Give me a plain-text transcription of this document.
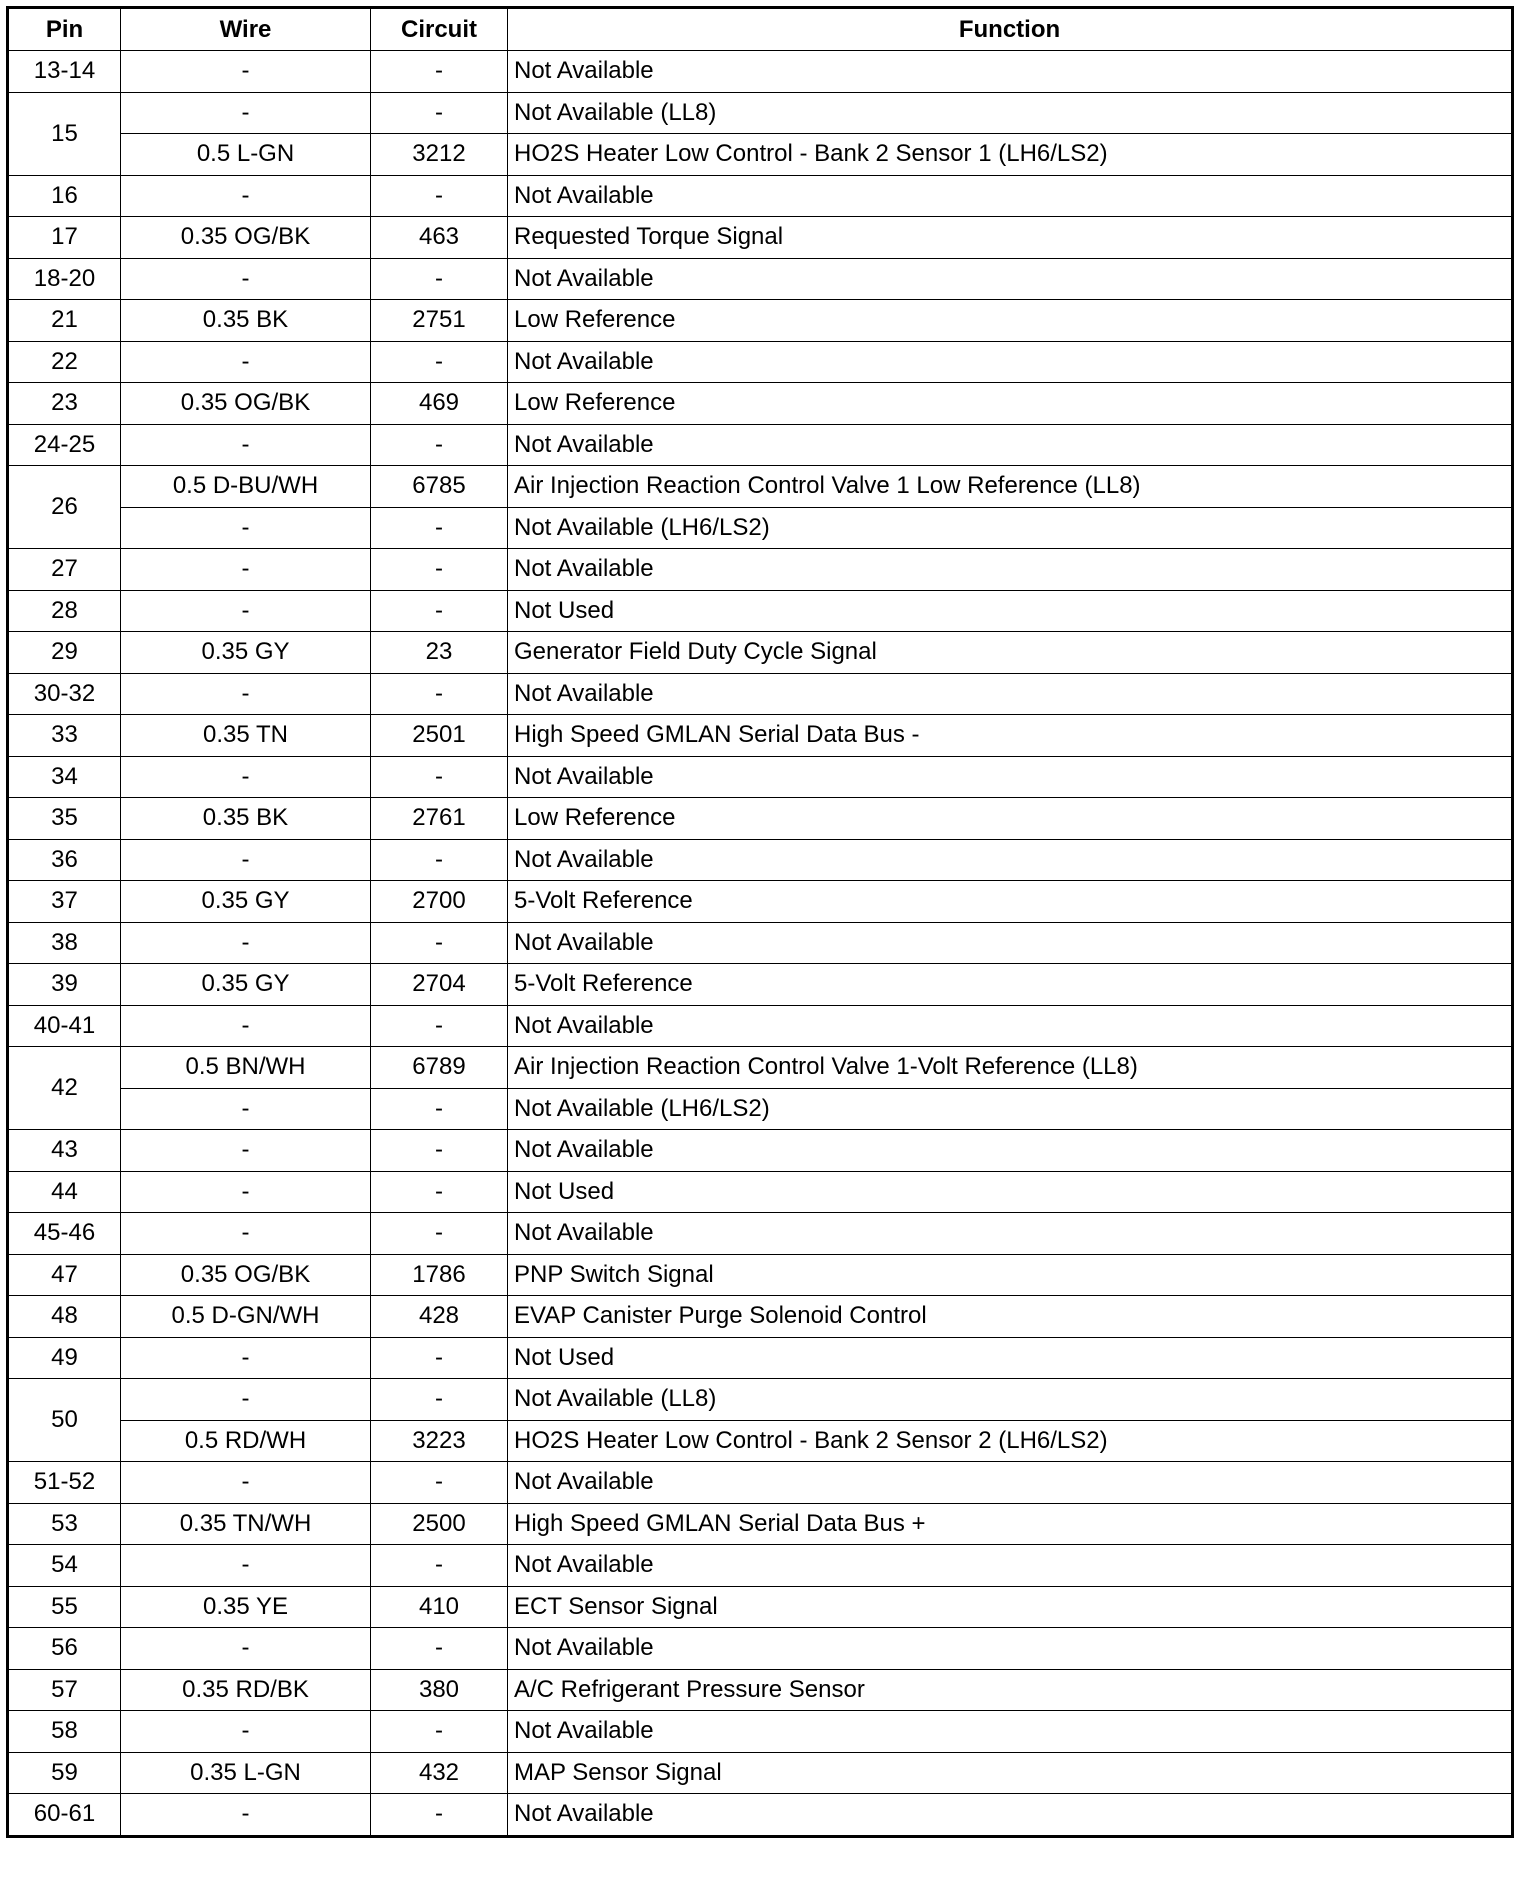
Pin	Wire	Circuit	Function
13-14	-	-	Not Available
15	-	-	Not Available (LL8)
	0.5 L-GN	3212	HO2S Heater Low Control - Bank 2 Sensor 1 (LH6/LS2)
16	-	-	Not Available
17	0.35 OG/BK	463	Requested Torque Signal
18-20	-	-	Not Available
21	0.35 BK	2751	Low Reference
22	-	-	Not Available
23	0.35 OG/BK	469	Low Reference
24-25	-	-	Not Available
26	0.5 D-BU/WH	6785	Air Injection Reaction Control Valve 1 Low Reference (LL8)
	-	-	Not Available (LH6/LS2)
27	-	-	Not Available
28	-	-	Not Used
29	0.35 GY	23	Generator Field Duty Cycle Signal
30-32	-	-	Not Available
33	0.35 TN	2501	High Speed GMLAN Serial Data Bus -
34	-	-	Not Available
35	0.35 BK	2761	Low Reference
36	-	-	Not Available
37	0.35 GY	2700	5-Volt Reference
38	-	-	Not Available
39	0.35 GY	2704	5-Volt Reference
40-41	-	-	Not Available
42	0.5 BN/WH	6789	Air Injection Reaction Control Valve 1-Volt Reference (LL8)
	-	-	Not Available (LH6/LS2)
43	-	-	Not Available
44	-	-	Not Used
45-46	-	-	Not Available
47	0.35 OG/BK	1786	PNP Switch Signal
48	0.5 D-GN/WH	428	EVAP Canister Purge Solenoid Control
49	-	-	Not Used
50	-	-	Not Available (LL8)
	0.5 RD/WH	3223	HO2S Heater Low Control - Bank 2 Sensor 2 (LH6/LS2)
51-52	-	-	Not Available
53	0.35 TN/WH	2500	High Speed GMLAN Serial Data Bus +
54	-	-	Not Available
55	0.35 YE	410	ECT Sensor Signal
56	-	-	Not Available
57	0.35 RD/BK	380	A/C Refrigerant Pressure Sensor
58	-	-	Not Available
59	0.35 L-GN	432	MAP Sensor Signal
60-61	-	-	Not Available
